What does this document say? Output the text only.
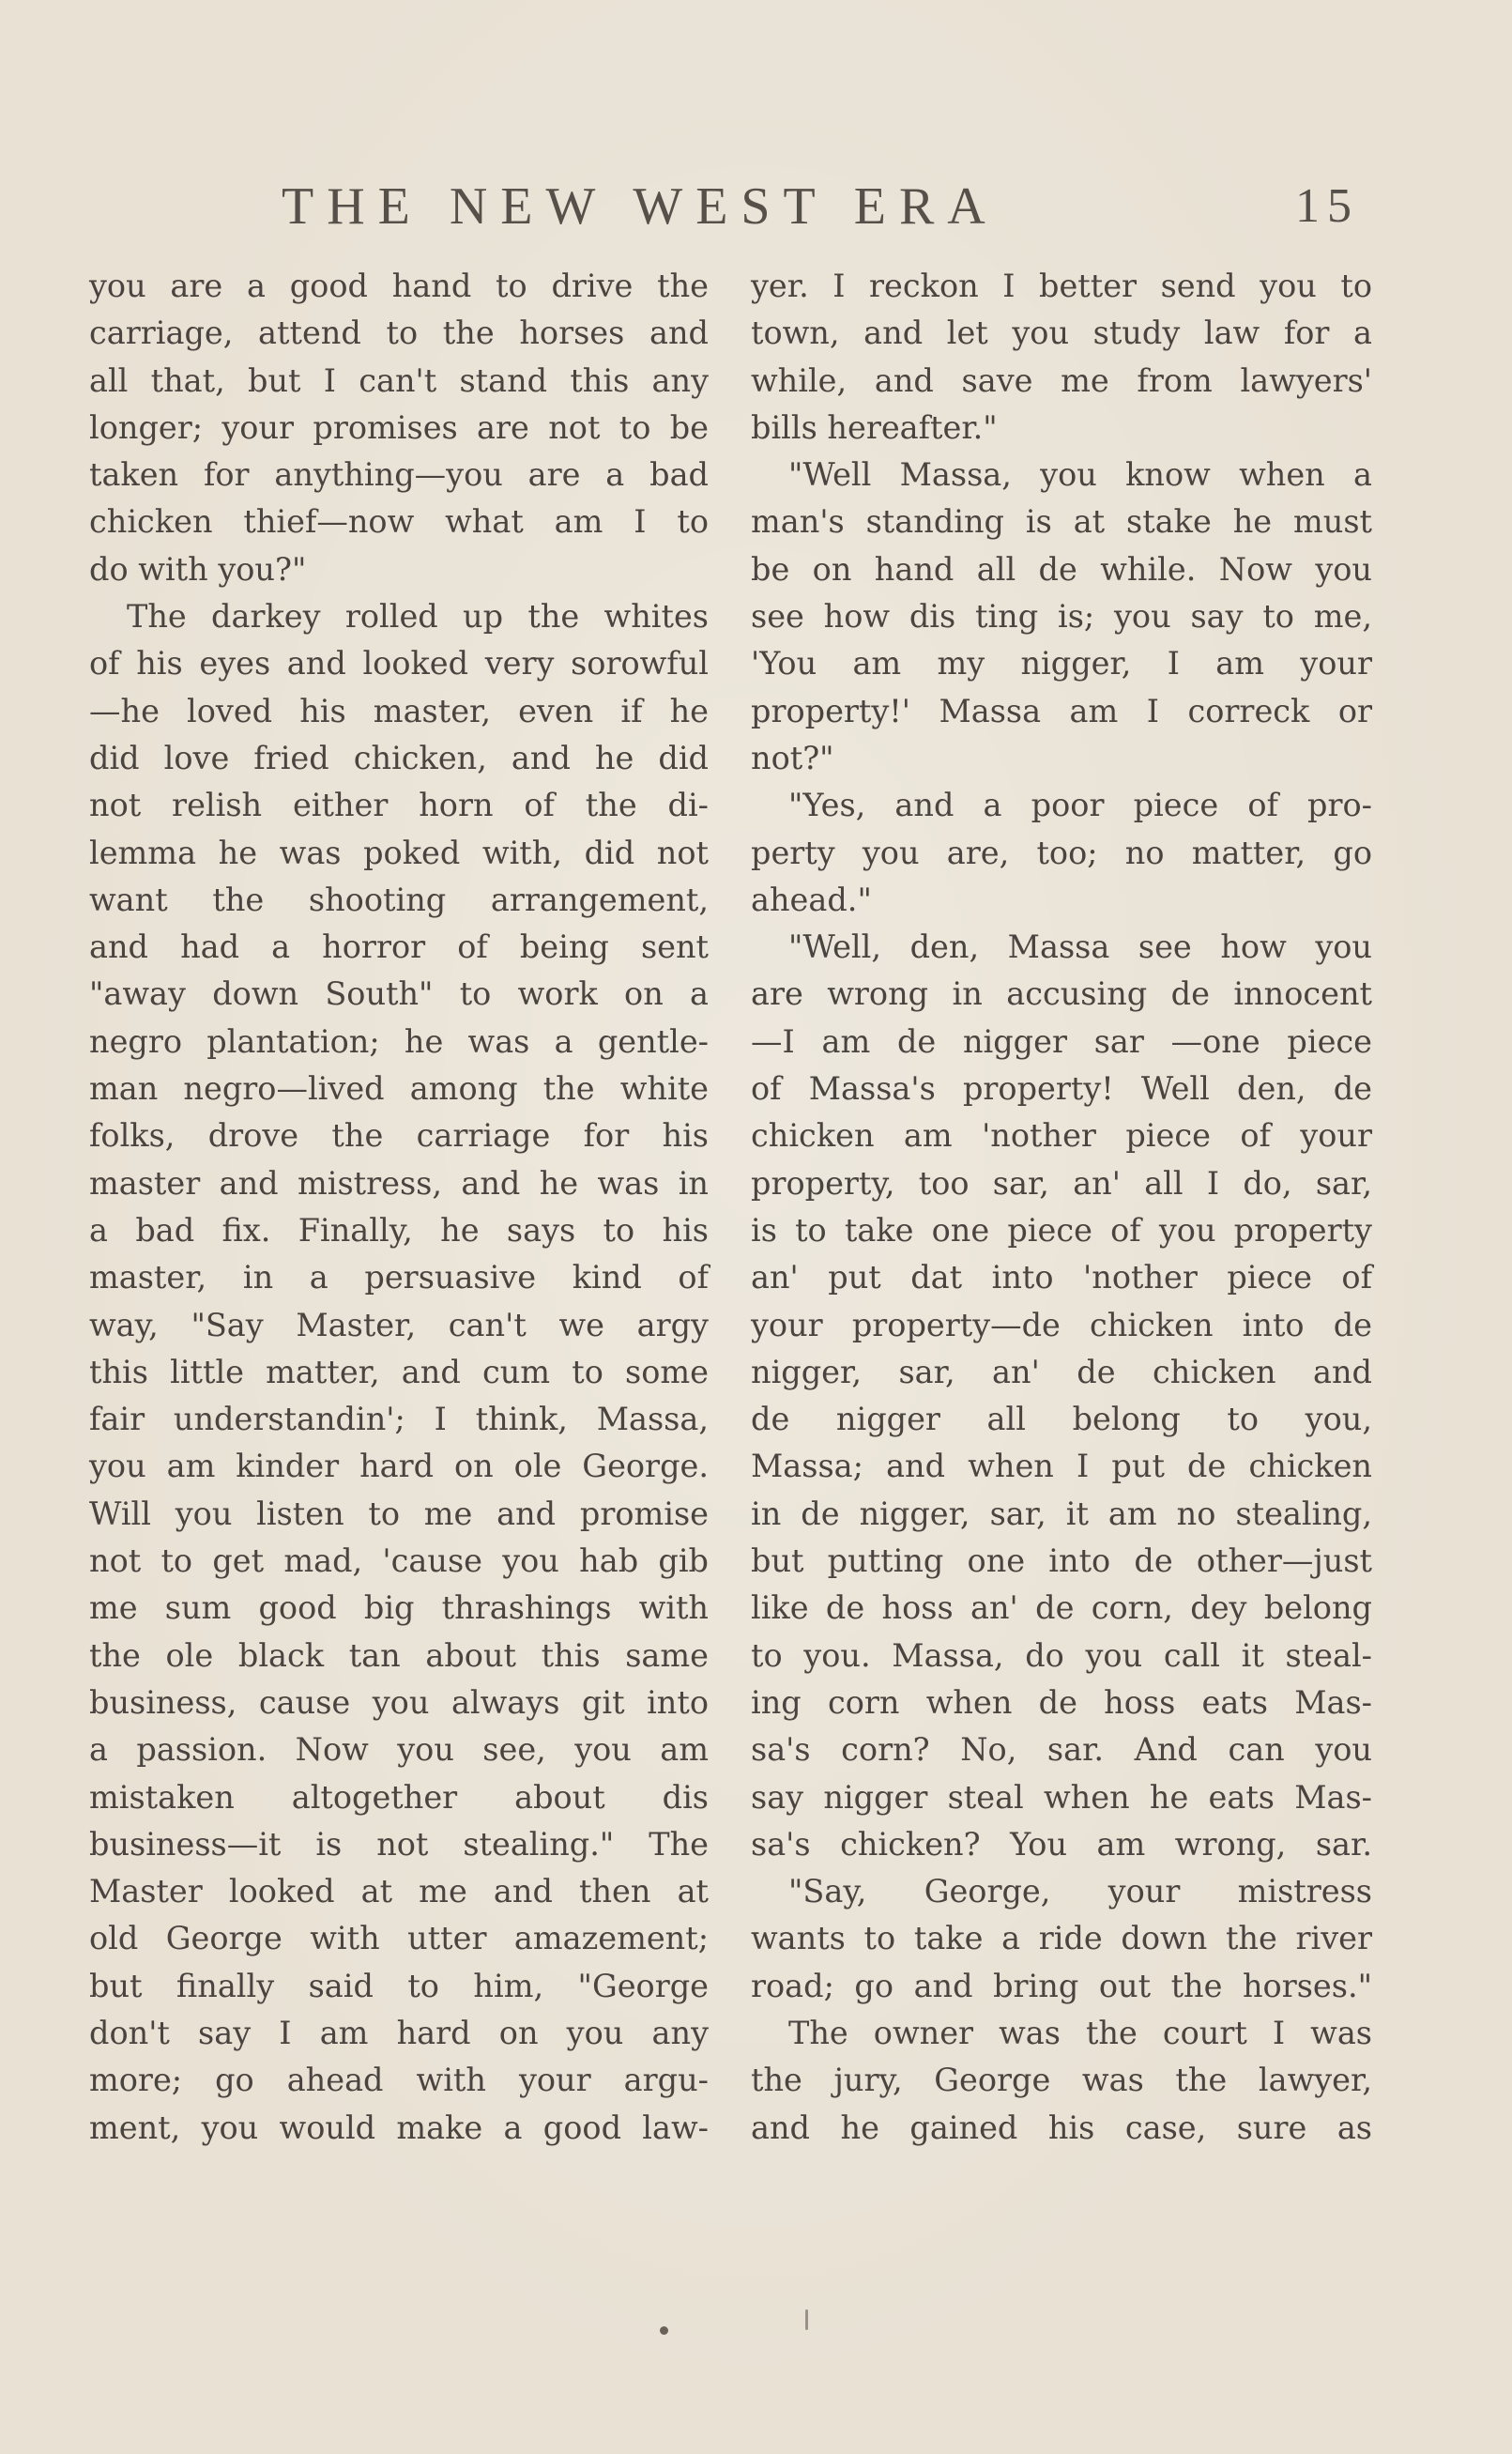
THE NEW WEST ERA	15
you are a good hand to drive the
carriage, attend to the horses and
all that, but I can't stand this any
longer; your promises are not to be
taken for anything—you are a bad
chicken thief—now what am I to
do with you?"
The darkey rolled up the whites
of his eyes and looked very sorowful
—he loved his master, even if he
did love fried chicken, and he did
not relish either horn of the di-
lemma he was poked with, did not
want the shooting arrangement,
and had a horror of being sent
"away down South" to work on a
negro plantation; he was a gentle-
man negro—lived among the white
folks, drove the carriage for his
master and mistress, and he was in
a bad fix. Finally, he says to his
master, in a persuasive kind of
way, "Say Master, can't we argy
this little matter, and cum to some
fair understandin'; I think, Massa,
you am kinder hard on ole George.
Will you listen to me and promise
not to get mad, 'cause you hab gib
me sum good big thrashings with
the ole black tan about this same
business, cause you always git into
a passion. Now you see, you am
mistaken altogether about dis
business—it is not stealing." The
Master looked at me and then at
old George with utter amazement;
but finally said to him, "George
don't say I am hard on you any
more; go ahead with your argu-
ment, you would make a good law-
yer. I reckon I better send you to
town, and let you study law for a
while, and save me from lawyers'
bills hereafter."
"Well Massa, you know when a
man's standing is at stake he must
be on hand all de while. Now you
see how dis ting is; you say to me,
'You am my nigger, I am your
property!' Massa am I correck or
not?"
"Yes, and a poor piece of pro-
perty you are, too; no matter, go
ahead."
"Well, den, Massa see how you
are wrong in accusing de innocent
—I am de nigger sar —one piece
of Massa's property! Well den, de
chicken am 'nother piece of your
property, too sar, an' all I do, sar,
is to take one piece of you property
an' put dat into 'nother piece of
your property—de chicken into de
nigger, sar, an' de chicken and
de nigger all belong to you,
Massa; and when I put de chicken
in de nigger, sar, it am no stealing,
but putting one into de other—just
like de hoss an' de corn, dey belong
to you. Massa, do you call it steal-
ing corn when de hoss eats Mas-
sa's corn? No, sar. And can you
say nigger steal when he eats Mas-
sa's chicken? You am wrong, sar.
"Say, George, your mistress
wants to take a ride down the river
road; go and bring out the horses."
The owner was the court I was
the jury, George was the lawyer,
and he gained his case, sure as
